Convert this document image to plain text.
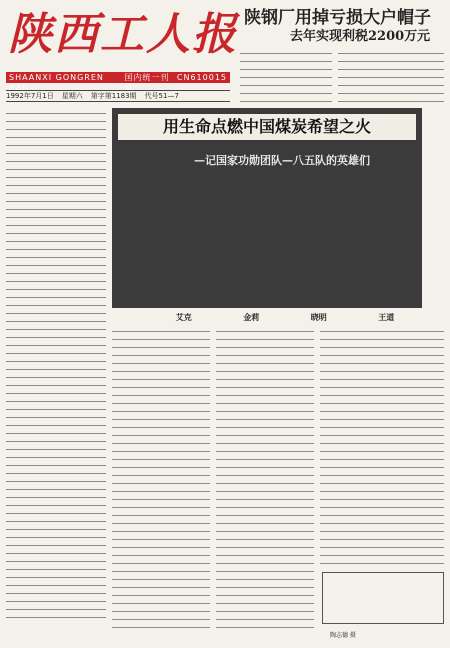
陕西工人报 陕钢厂用掉亏损大户帽子
去年实现利税2200万元
SHAANXI GONGREN BAO
国内统一刊号
CN61 0015
1992年7月1日 星期六 第字第1183期 代号51—7
用生命点燃中国煤炭希望之火
—记国家功勋团队—八五队的英雄们
艾克	金莉	晓明	王道
陶志德 摄
